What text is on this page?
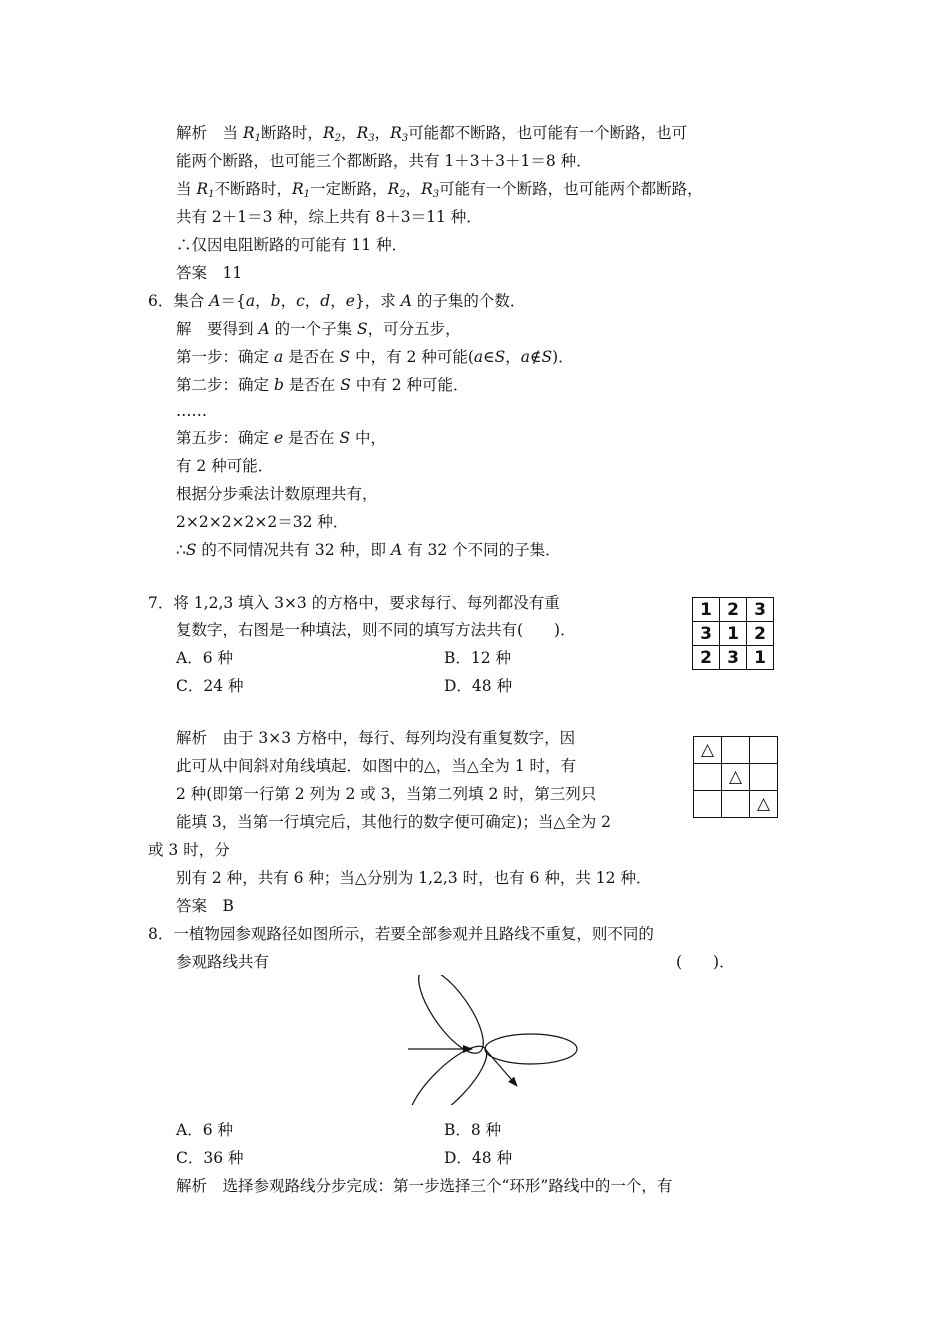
解析　当 $R_1$断路时，$R_2$，$R_3$，$R_3$可能都不断路，也可能有一个断路，也可
能两个断路，也可能三个都断路，共有 1＋3＋3＋1＝8 种．
当 $R_1$不断路时，$R_1$一定断路，$R_2$，$R_3$可能有一个断路，也可能两个都断路，
共有 2＋1＝3 种，综上共有 8＋3＝11 种．
∴仅因电阻断路的可能有 11 种．
答案　11
6．集合 A＝{a，b，c，d，e}，求 A 的子集的个数．
解　要得到 A 的一个子集 S，可分五步，
第一步：确定 a 是否在 S 中，有 2 种可能(a∈S，a∉S)．
第二步：确定 b 是否在 S 中有 2 种可能．
……
第五步：确定 e 是否在 S 中，
有 2 种可能．
根据分步乘法计数原理共有，
2×2×2×2×2＝32 种．
∴S 的不同情况共有 32 种，即 A 有 32 个不同的子集．
7．将 1,2,3 填入 3×3 的方格中，要求每行、每列都没有重
复数字，右图是一种填法，则不同的填写方法共有(　　)．
A．6 种	B．12 种
C．24 种	D．48 种
1	2	3
3	1	2
2	3	1
解析　由于 3×3 方格中，每行、每列均没有重复数字，因
此可从中间斜对角线填起．如图中的△，当△全为 1 时，有
2 种(即第一行第 2 列为 2 或 3，当第二列填 2 时，第三列只
能填 3，当第一行填完后，其他行的数字便可确定)；当△全为 2
或 3 时，分
别有 2 种，共有 6 种；当△分别为 1,2,3 时，也有 6 种，共 12 种．
答案　B
△		
	△	
		△
8．一植物园参观路径如图所示，若要全部参观并且路线不重复，则不同的
参观路线共有	(　　)．
A．6 种	B．8 种
C．36 种	D．48 种
解析　选择参观路线分步完成：第一步选择三个“环形”路线中的一个，有
